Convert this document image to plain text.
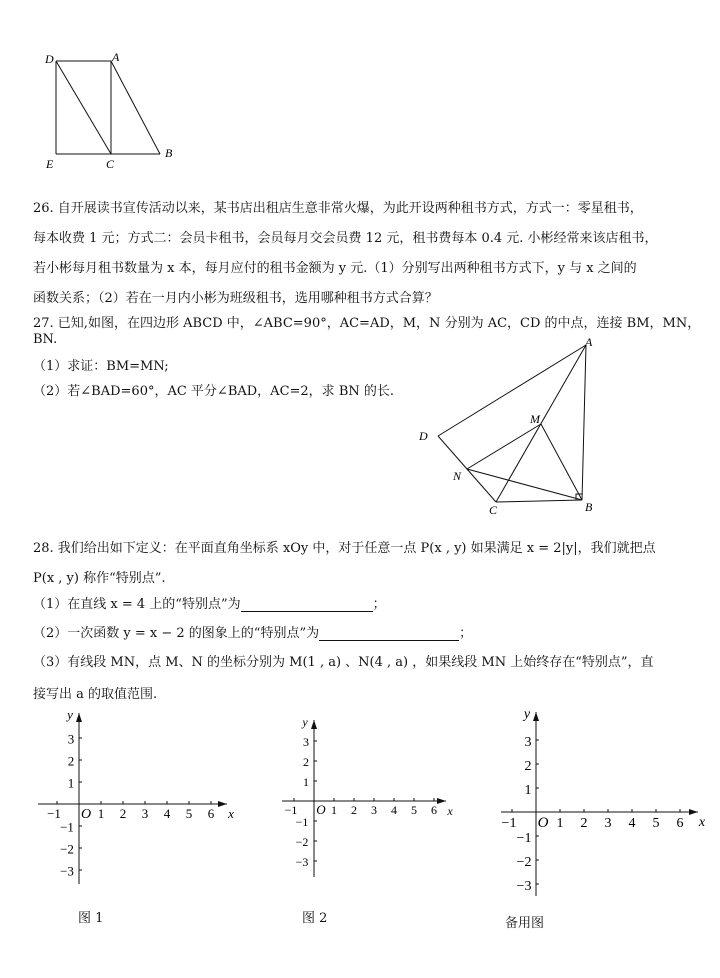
D	A
E	C
B
26. 自开展读书宣传活动以来，某书店出租店生意非常火爆，为此开设两种租书方式，方式一：零星租书，
每本收费 1 元；方式二：会员卡租书，会员每月交会员费 12 元，租书费每本 0.4 元. 小彬经常来该店租书，
若小彬每月租书数量为 x 本，每月应付的租书金额为 y 元.（1）分别写出两种租书方式下，y 与 x 之间的
函数关系；（2）若在一月内小彬为班级租书，选用哪种租书方式合算？
27. 已知,如图，在四边形 ABCD 中，∠ABC=90°，AC=AD，M，N 分别为 AC，CD 的中点，连接 BM，MN，
BN.
（1）求证：BM=MN;
（2）若∠BAD=60°，AC 平分∠BAD，AC=2，求 BN 的长.
A
D
M
N
C	B
28. 我们给出如下定义：在平面直角坐标系 xOy 中，对于任意一点 P(x , y) 如果满足 x = 2|y|，我们就把点
P(x , y) 称作“特别点”.
（1）在直线 x = 4 上的“特别点”为	；
（2）一次函数 y = x − 2 的图象上的“特别点”为	；
（3）有线段 MN，点 M、N 的坐标分别为 M(1 , a) 、N(4 , a) ，如果线段 MN 上始终存在“特别点”，直
接写出 a 的取值范围.
x
y
O
−1	1 2 3 4 5 6
1
2
3
−1
−2
−3
x
y
O
−1	1 2 3 4 5 6
1
2
3
−1
−2
−3
x
y
O
−1	1 2 3 4 5 6
1
2
3
−1
−2
−3
图 1	图 2	备用图
